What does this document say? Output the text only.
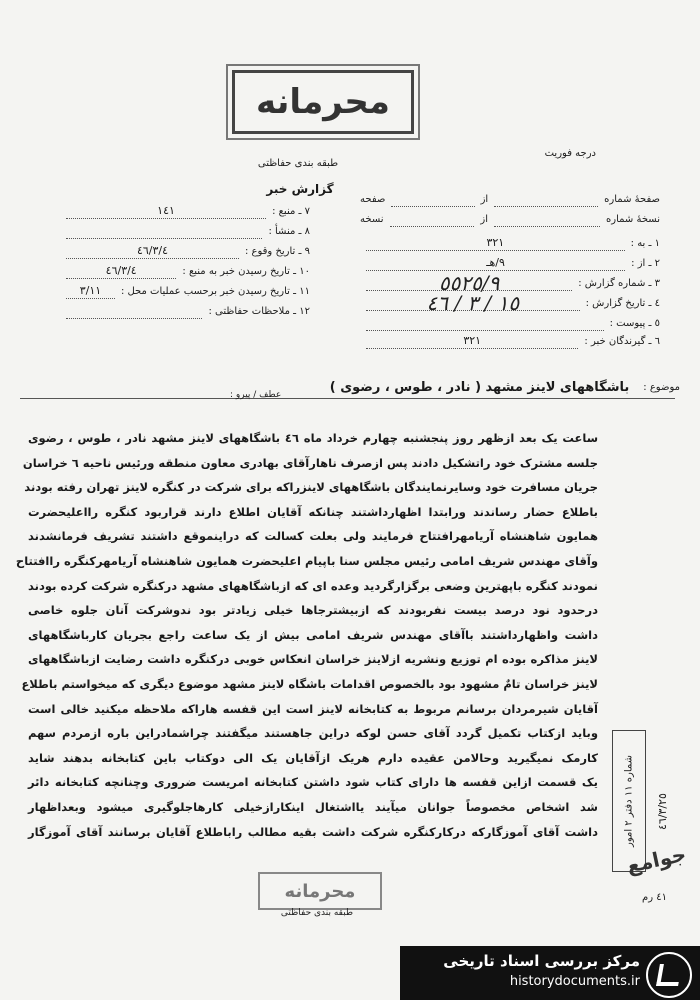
محرمانه
درجه فوریت
طبقه بندی حفاظتی
گزارش خبر
صفحهٔ شماره
از
صفحه
نسخهٔ شماره
از
نسخه
١ ـ به :
٣٢١
٢ ـ از :
٩/هـ
٣ ـ شماره گزارش :
٥٥٢٥/٩
٤ ـ تاریخ گزارش :
١٥ / ٣ / ٤٦
٥ ـ پیوست :
٦ ـ گیرندگان خبر :
٣٢١
٧ ـ منبع :
١٤١
٨ ـ منشأ :
٩ ـ تاریخ وقوع :
٤٦/٣/٤
١٠ ـ تاریخ رسیدن خبر به منبع :
٤٦/٣/٤
١١ ـ تاریخ رسیدن خبر برحسب عملیات محل :
٣/١١
١٢ ـ ملاحظات حفاظتی :
موضوع :
باشگاههای لاینز مشهد ( نادر ، طوس ، رضوی )
عطف / پیرو :
ساعت یک بعد ازظهر روز پنجشنبه چهارم خرداد ماه ٤٦ باشگاههای لاینز مشهد نادر ، طوس ، رضوی
جلسه مشترک خود راتشکیل دادند پس ازصرف ناهارآقای بهادری معاون منطقه ورئیس ناحیه ٦ خراسان
جریان مسافرت خود وسایرنمایندگان باشگاههای لاینزراکه برای شرکت در کنگره لاینز تهران رفته بودند
باطلاع حضار رساندند ورابتدا اظهارداشتند چنانکه آقایان اطلاع دارند قراربود کنگره رااعلیحضرت
همایون شاهنشاه آریامهرافتتاح فرمایند ولی بعلت کسالت که دراینموقع داشتند تشریف فرمانشدند
وآقای مهندس شریف امامی رئیس مجلس سنا باپیام اعلیحضرت همایون شاهنشاه آریامهرکنگره راافتتاح
نمودند کنگره باپهترین وضعی برگزارگردید وعده ای که ازباشگاههای مشهد درکنگره شرکت کرده بودند
درحدود نود درصد بیست نفربودند که ازبیشترجاها خیلی زیادتر بود ندوشرکت آنان جلوه خاصی
داشت واظهارداشتند باآقای مهندس شریف امامی بیش از یک ساعت راجع بجریان کارباشگاههای
لاینز مذاکره بوده ام توزیع ونشریه ازلاینز خراسان انعکاس خوبی درکنگره داشت رضایت ازباشگاههای
لاینز خراسان تامٌ مشهود بود بالخصوص اقدامات باشگاه لاینز مشهد موضوع دیگری که میخواستم باطلاع
آقایان شیرمردان برسانم مربوط به کتابخانه لاینز است این قفسه هاراکه ملاحظه میکنید خالی است
وباید ازکتاب تکمیل گردد آقای حسن لوکه دراین جاهستند میگفتند چراشمادراین باره ازمردم سهم
کارمک نمیگیرید وحالامن عقیده دارم هریک ازآقایان یک الی دوکتاب باین کتابخانه بدهند شاید
یک قسمت ازاین قفسه ها دارای کتاب شود داشتن کتابخانه امریست ضروری وچنانچه کتابخانه دائر
شد اشخاص مخصوصاً جوانان میآیند یااشتغال اینکارازخیلی کارهاجلوگیری میشود وبعداظهار
داشت آقای آموزگارکه درکارکنگره شرکت داشت بقیه مطالب راباطلاع آقایان برسانند آقای آموزگار	شماره ١١ دفتر ٢ امور
٤٦/٣/٢٥
جوامع
٤١ رم
محرمانه
طبقه بندی حفاظتی
مرکز بررسی اسناد تاریخی
historydocuments.ir
